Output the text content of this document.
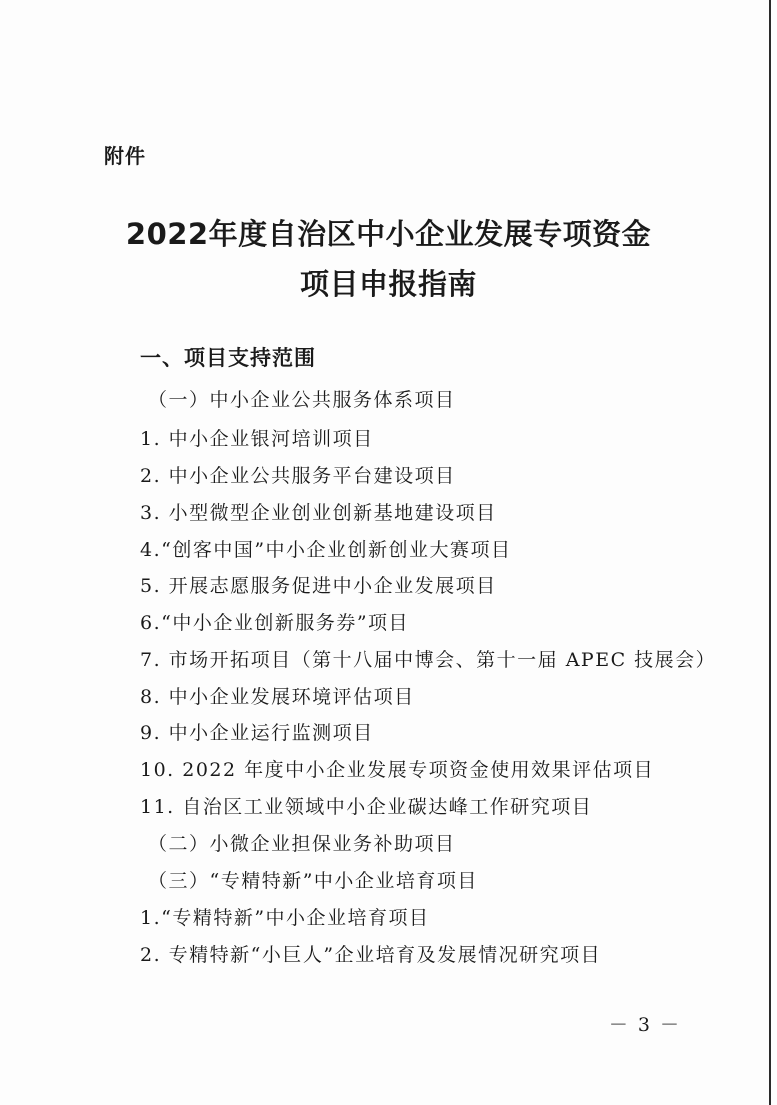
附件
2022年度自治区中小企业发展专项资金
项目申报指南
一、项目支持范围
（一）中小企业公共服务体系项目
1. 中小企业银河培训项目
2. 中小企业公共服务平台建设项目
3. 小型微型企业创业创新基地建设项目
4.“创客中国”中小企业创新创业大赛项目
5. 开展志愿服务促进中小企业发展项目
6.“中小企业创新服务券”项目
7. 市场开拓项目（第十八届中博会、第十一届 APEC 技展会）
8. 中小企业发展环境评估项目
9. 中小企业运行监测项目
10. 2022 年度中小企业发展专项资金使用效果评估项目
11. 自治区工业领域中小企业碳达峰工作研究项目
（二）小微企业担保业务补助项目
（三）“专精特新”中小企业培育项目
1.“专精特新”中小企业培育项目
2. 专精特新“小巨人”企业培育及发展情况研究项目
－ 3 －
